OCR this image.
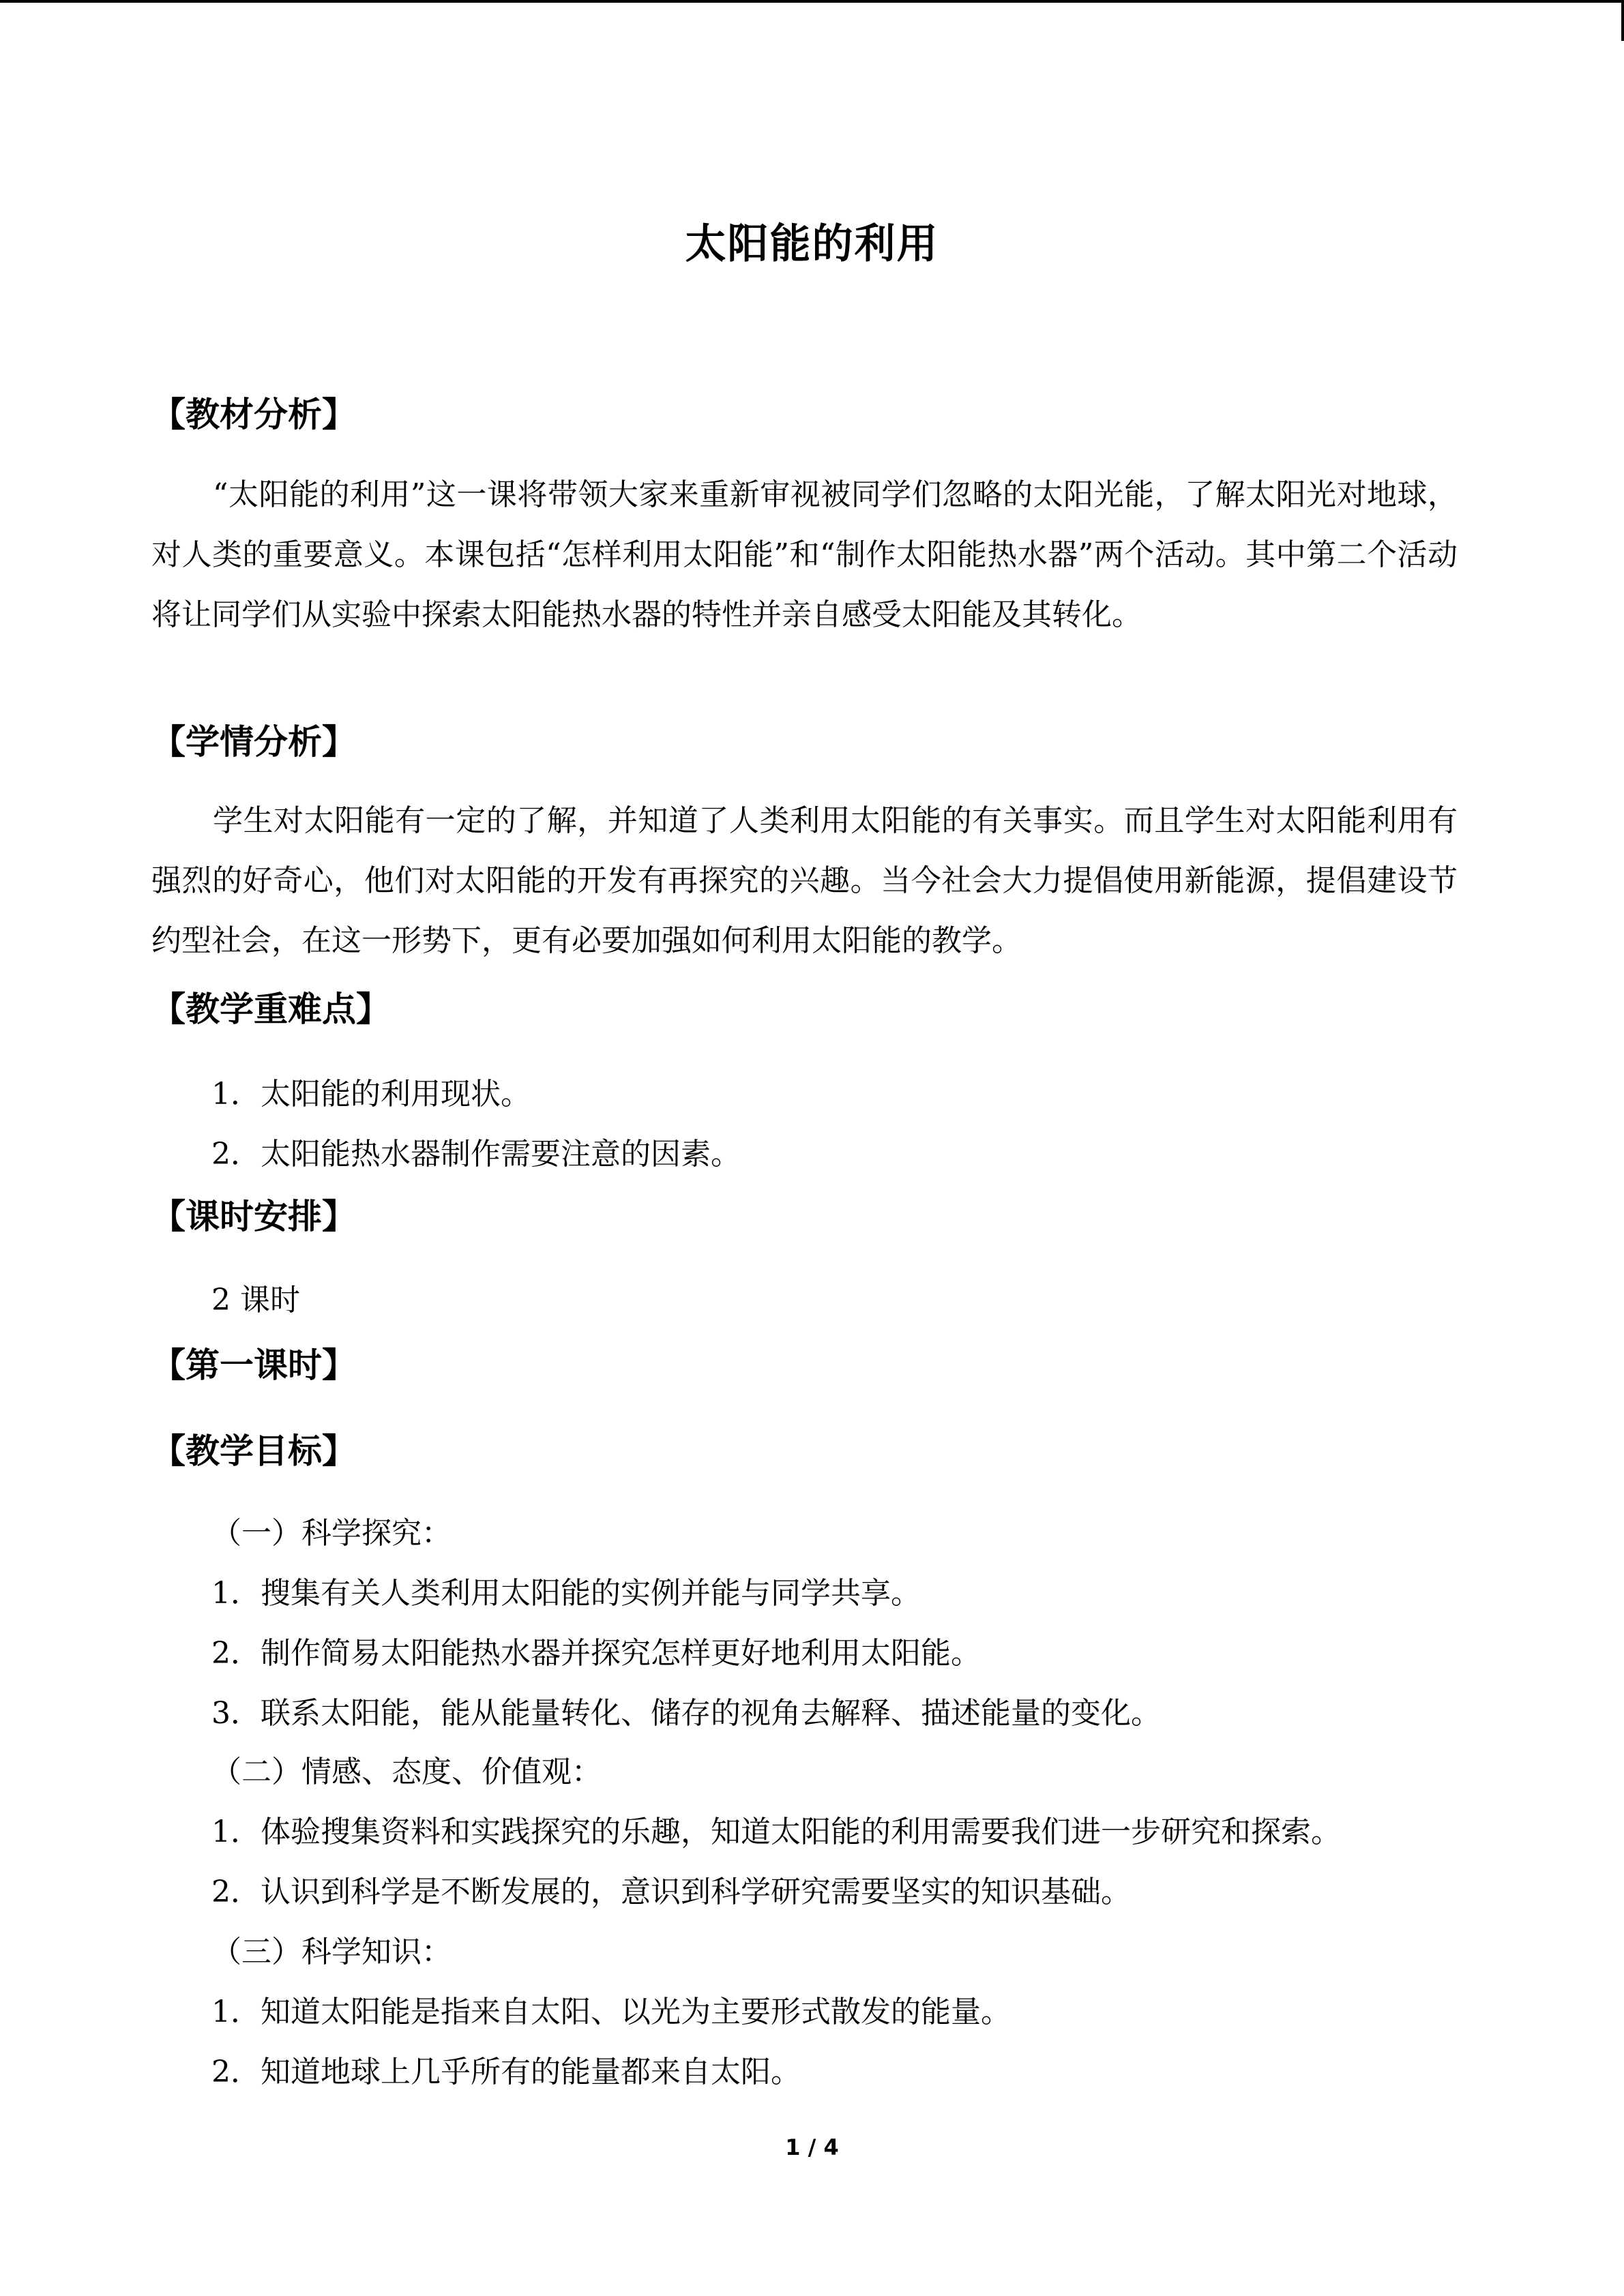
太阳能的利用
【教材分析】
“太阳能的利用”这一课将带领大家来重新审视被同学们忽略的太阳光能，了解太阳光对地球，对人类的重要意义。本课包括“怎样利用太阳能”和“制作太阳能热水器”两个活动。其中第二个活动将让同学们从实验中探索太阳能热水器的特性并亲自感受太阳能及其转化。
【学情分析】
学生对太阳能有一定的了解，并知道了人类利用太阳能的有关事实。而且学生对太阳能利用有强烈的好奇心，他们对太阳能的开发有再探究的兴趣。当今社会大力提倡使用新能源，提倡建设节约型社会，在这一形势下，更有必要加强如何利用太阳能的教学。
【教学重难点】
1．太阳能的利用现状。
2．太阳能热水器制作需要注意的因素。
【课时安排】
2 课时
【第一课时】
【教学目标】
（一）科学探究：
1．搜集有关人类利用太阳能的实例并能与同学共享。
2．制作简易太阳能热水器并探究怎样更好地利用太阳能。
3．联系太阳能，能从能量转化、储存的视角去解释、描述能量的变化。
（二）情感、态度、价值观：
1．体验搜集资料和实践探究的乐趣，知道太阳能的利用需要我们进一步研究和探索。
2．认识到科学是不断发展的，意识到科学研究需要坚实的知识基础。
（三）科学知识：
1．知道太阳能是指来自太阳、以光为主要形式散发的能量。
2．知道地球上几乎所有的能量都来自太阳。
1 / 4
